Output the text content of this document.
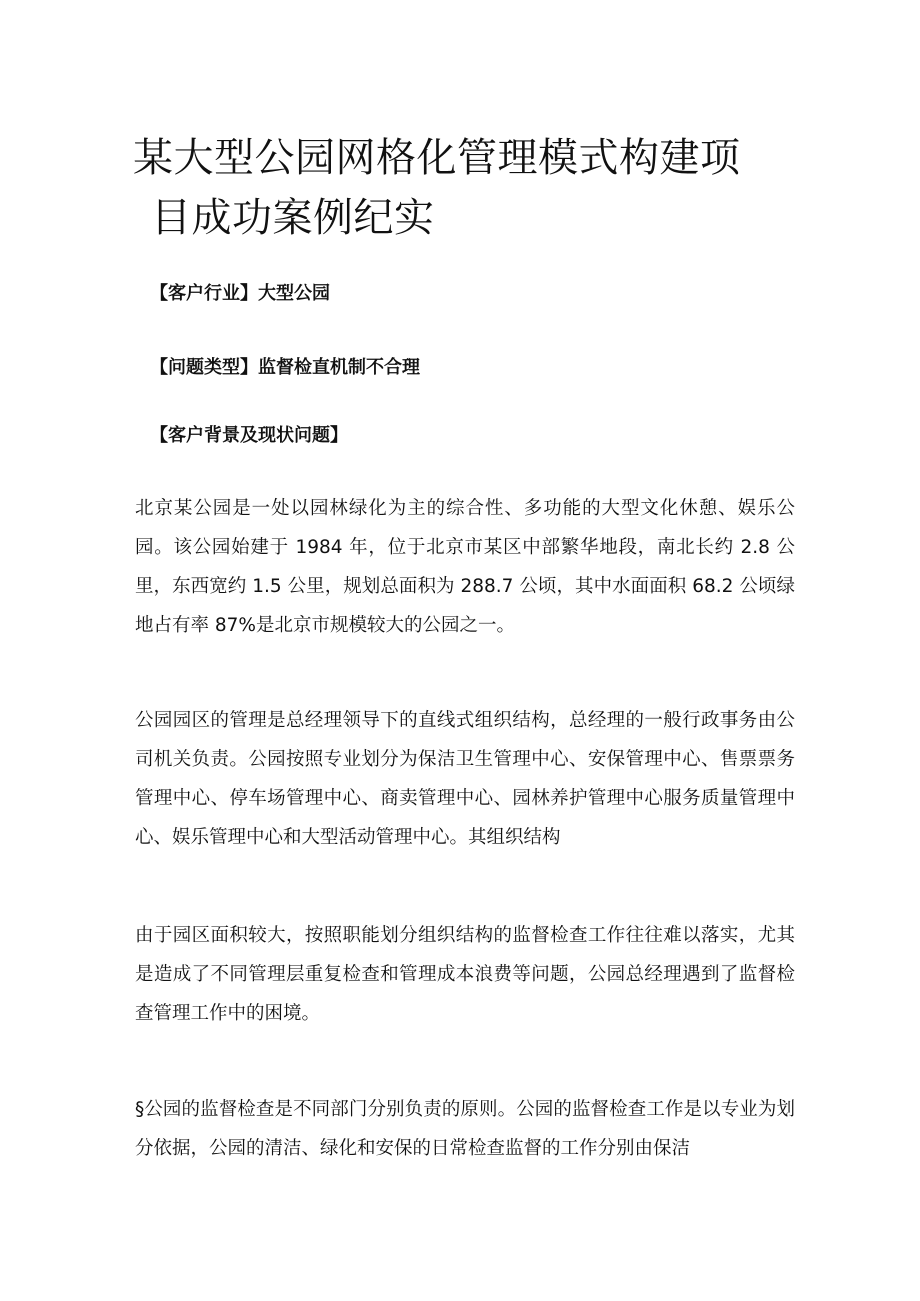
某大型公园网格化管理模式构建项
目成功案例纪实

【客户行业】大型公园

【问题类型】监督检直机制不合理

【客户背景及现状问题】

北京某公园是一处以园林绿化为主的综合性、多功能的大型文化休憩、娱乐公园。该公园始建于 1984 年，位于北京市某区中部繁华地段，南北长约 2.8 公里，东西宽约 1.5 公里，规划总面积为 288.7 公顷，其中水面面积 68.2 公顷绿地占有率 87%是北京市规模较大的公园之一。

公园园区的管理是总经理领导下的直线式组织结构，总经理的一般行政事务由公司机关负责。公园按照专业划分为保洁卫生管理中心、安保管理中心、售票票务管理中心、停车场管理中心、商卖管理中心、园林养护管理中心服务质量管理中心、娱乐管理中心和大型活动管理中心。其组织结构

由于园区面积较大，按照职能划分组织结构的监督检查工作往往难以落实，尤其是造成了不同管理层重复检查和管理成本浪费等问题，公园总经理遇到了监督检查管理工作中的困境。

§公园的监督检查是不同部门分别负责的原则。公园的监督检查工作是以专业为划分依据，公园的清洁、绿化和安保的日常检查监督的工作分别由保洁
